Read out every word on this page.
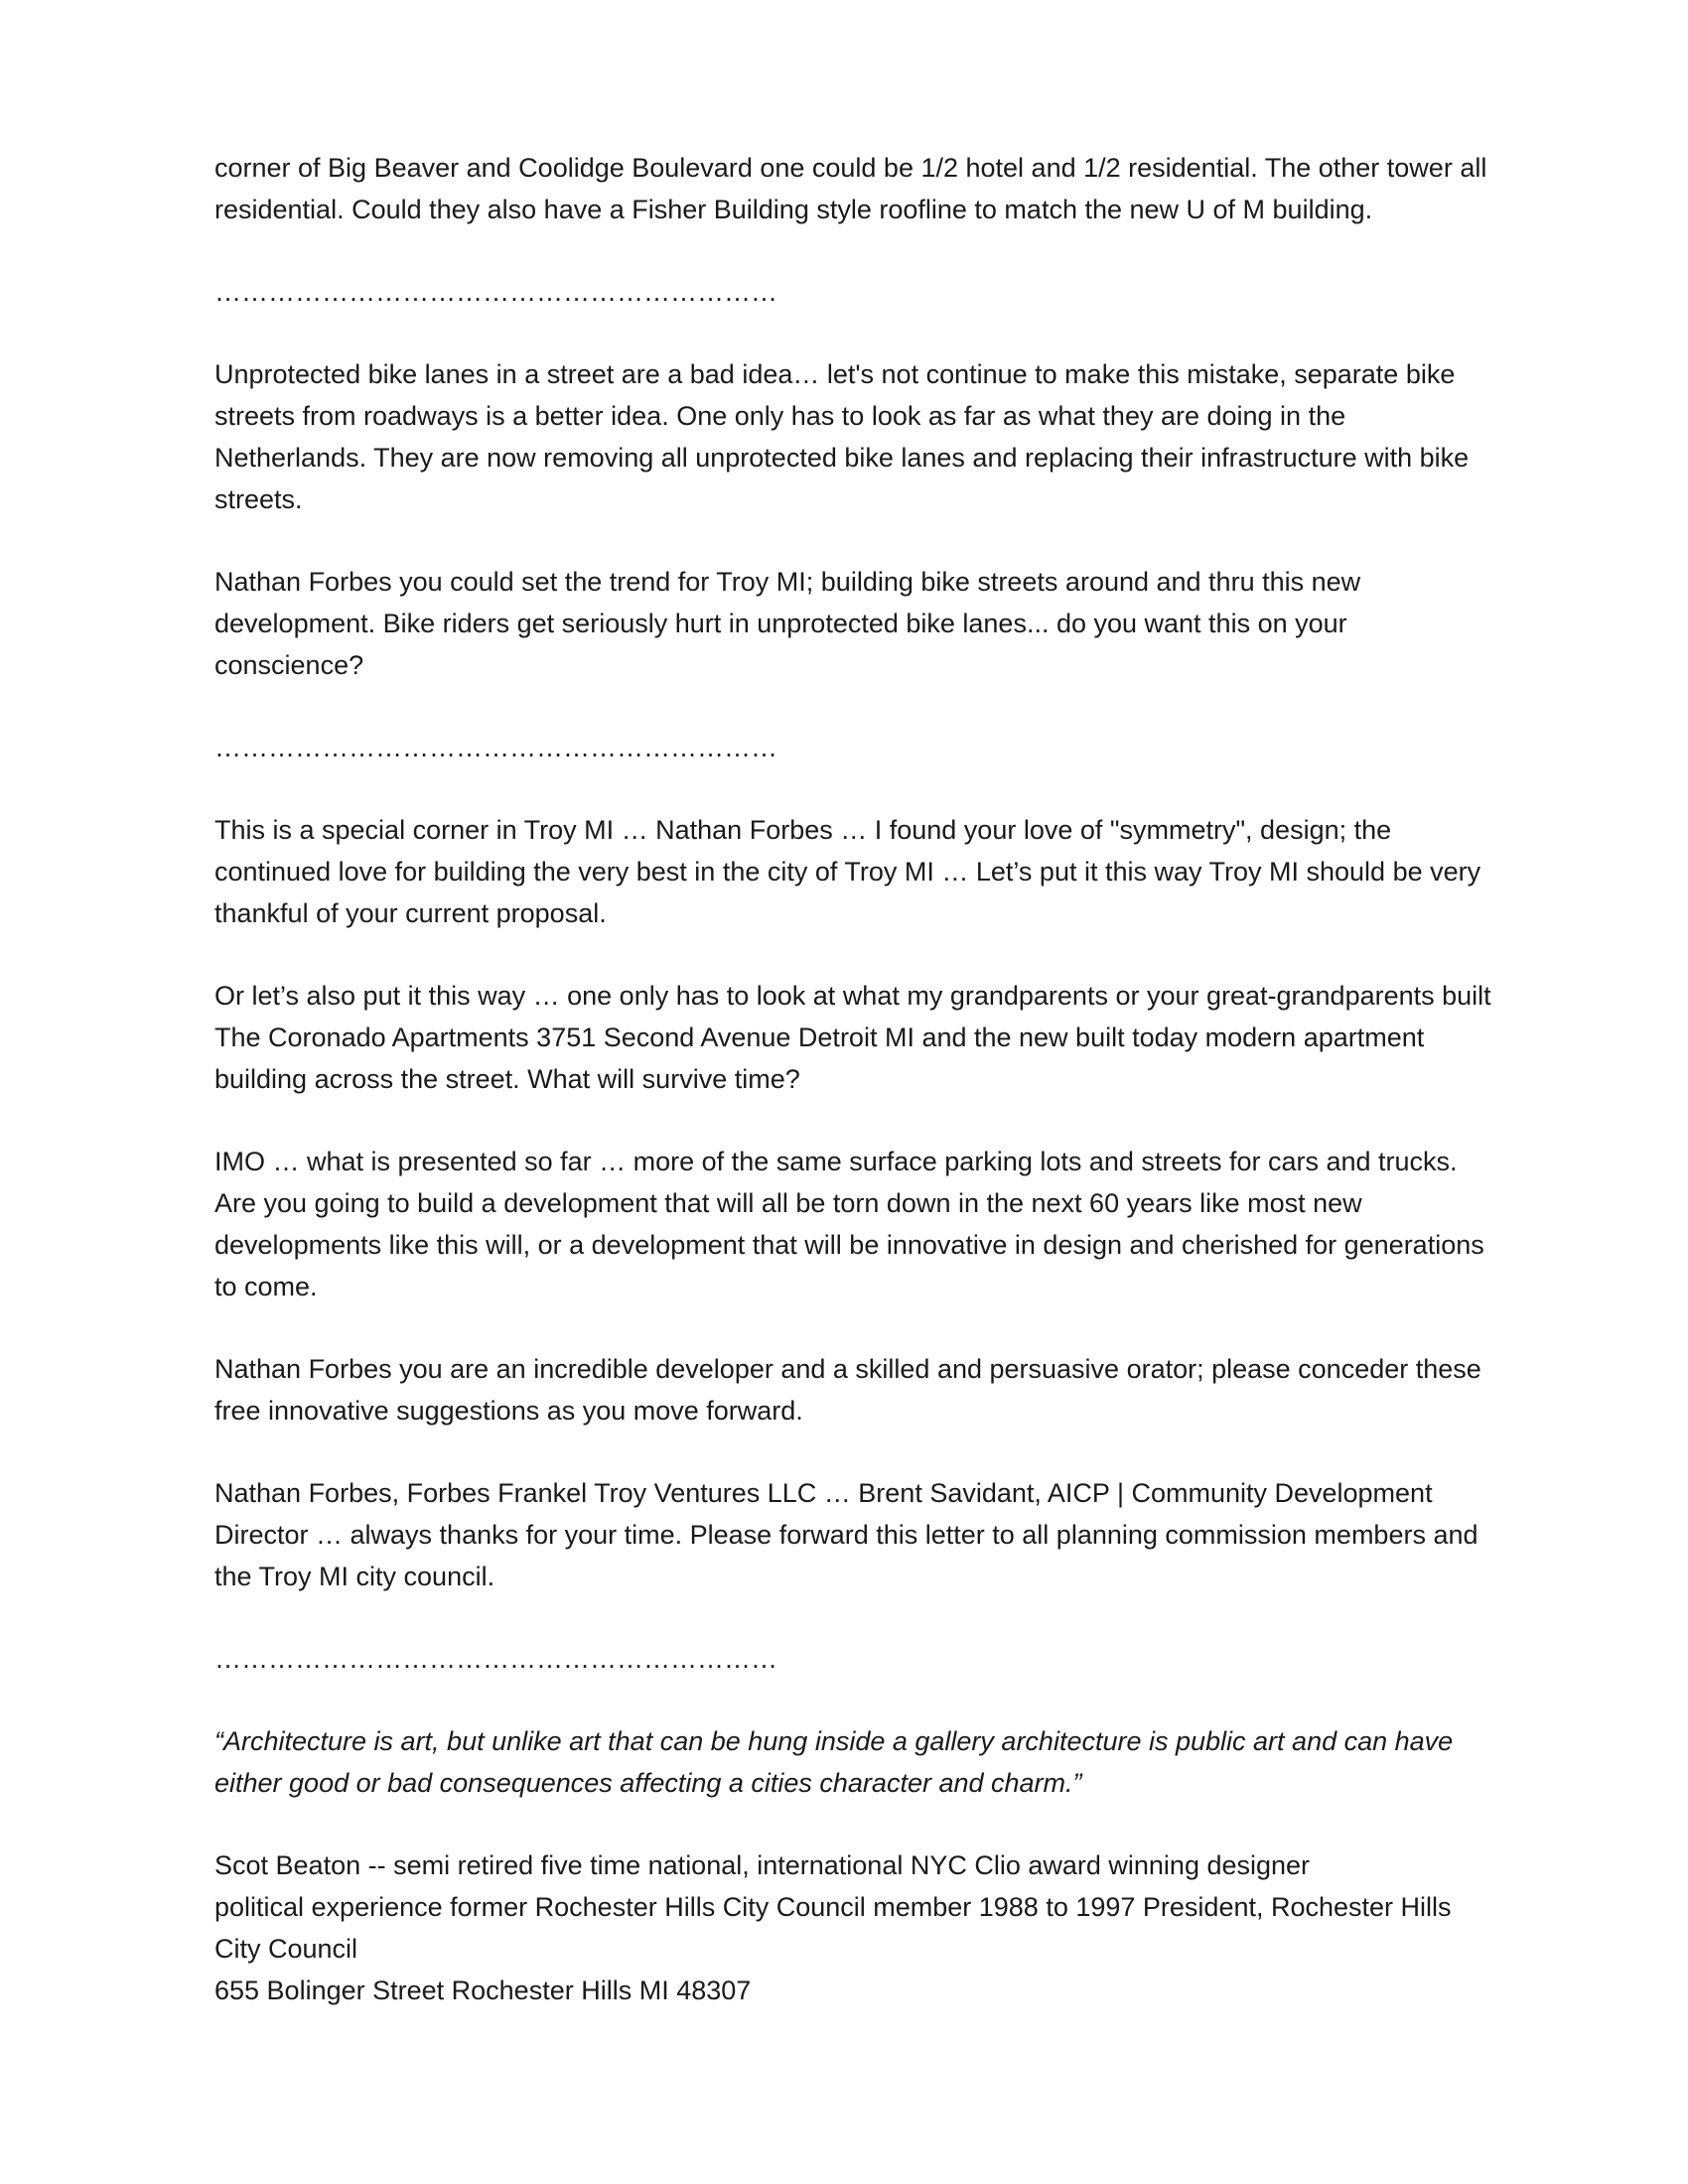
corner of Big Beaver and Coolidge Boulevard one could be 1/2 hotel and 1/2 residential. The other tower all residential. Could they also have a Fisher Building style roofline to match the new U of M building.

………………………………………………………

Unprotected bike lanes in a street are a bad idea… let's not continue to make this mistake, separate bike streets from roadways is a better idea. One only has to look as far as what they are doing in the Netherlands. They are now removing all unprotected bike lanes and replacing their infrastructure with bike streets.

Nathan Forbes you could set the trend for Troy MI; building bike streets around and thru this new development. Bike riders get seriously hurt in unprotected bike lanes... do you want this on your conscience?

………………………………………………………

This is a special corner in Troy MI … Nathan Forbes … I found your love of "symmetry", design; the continued love for building the very best in the city of Troy MI … Let’s put it this way Troy MI should be very thankful of your current proposal.

Or let’s also put it this way … one only has to look at what my grandparents or your great-grandparents built The Coronado Apartments 3751 Second Avenue Detroit MI and the new built today modern apartment building across the street. What will survive time?

IMO … what is presented so far … more of the same surface parking lots and streets for cars and trucks. Are you going to build a development that will all be torn down in the next 60 years like most new developments like this will, or a development that will be innovative in design and cherished for generations to come.

Nathan Forbes you are an incredible developer and a skilled and persuasive orator; please conceder these free innovative suggestions as you move forward.

Nathan Forbes, Forbes Frankel Troy Ventures LLC … Brent Savidant, AICP | Community Development Director … always thanks for your time. Please forward this letter to all planning commission members and the Troy MI city council.

………………………………………………………

“Architecture is art, but unlike art that can be hung inside a gallery architecture is public art and can have either good or bad consequences affecting a cities character and charm.”

Scot Beaton -- semi retired five time national, international NYC Clio award winning designer
political experience former Rochester Hills City Council member 1988 to 1997 President, Rochester Hills City Council
655 Bolinger Street Rochester Hills MI 48307
